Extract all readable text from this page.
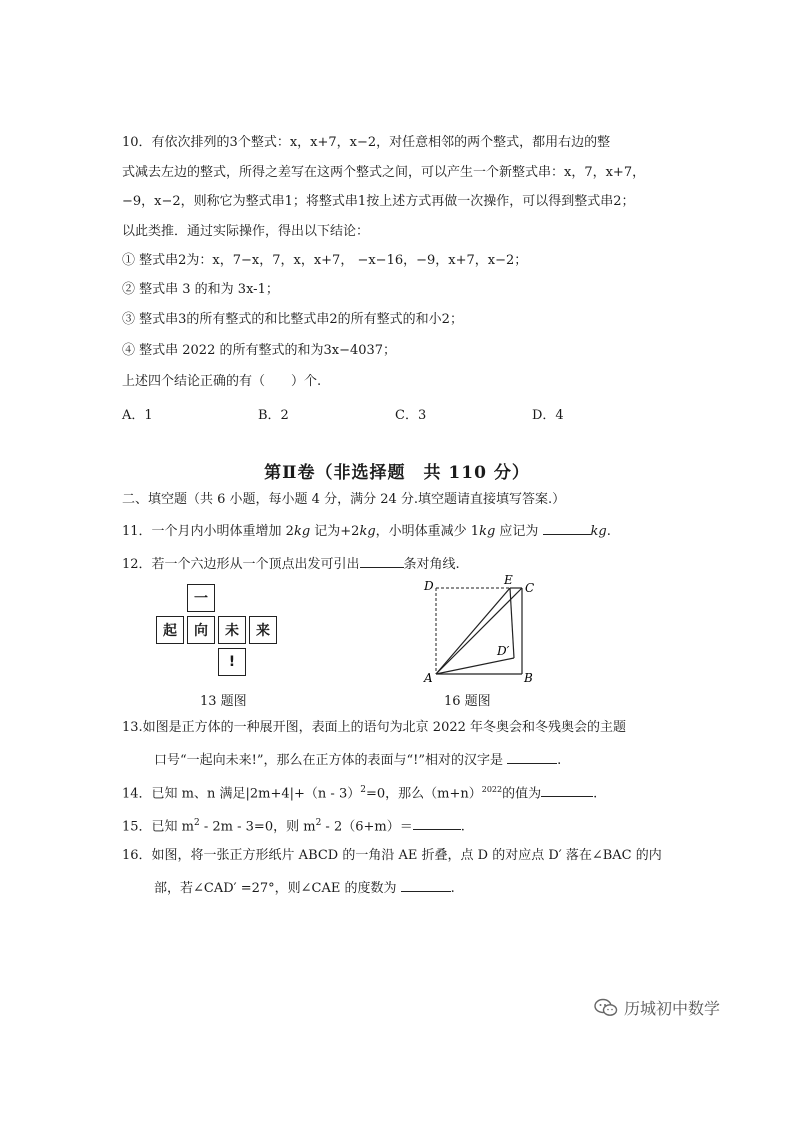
10．有依次排列的3个整式：x，x+7，x−2，对任意相邻的两个整式，都用右边的整
式减去左边的整式，所得之差写在这两个整式之间，可以产生一个新整式串：x，7，x+7，
−9，x−2，则称它为整式串1；将整式串1按上述方式再做一次操作，可以得到整式串2；
以此类推．通过实际操作，得出以下结论：
① 整式串2为：x，7−x，7，x，x+7， −x−16，−9，x+7，x−2；
② 整式串 3 的和为 3x-1；
③ 整式串3的所有整式的和比整式串2的所有整式的和小2；
④ 整式串 2022 的所有整式的和为3x−4037；
上述四个结论正确的有（　　）个.
A．1	B．2	C．3	D．4
第Ⅱ卷（非选择题　共 110 分）
二、填空题（共 6 小题，每小题 4 分，满分 24 分.填空题请直接填写答案.）
11．一个月内小明体重增加 2kg 记为+2kg，小明体重减少 1kg 应记为	kg.
12．若一个六边形从一个顶点出发可引出	条对角线.
一
起	向	未	来
!
13 题图
D	E
C
D′
A	B
16 题图
13.如图是正方体的一种展开图，表面上的语句为北京 2022 年冬奥会和冬残奥会的主题
口号“一起向未来!”，那么在正方体的表面与“!”相对的汉字是	.
14．已知 m、n 满足|2m+4|+（n - 3）$^2$=0，那么$(m+n)^{2022}$的值为	.
15．已知 $m^2 - 2m - 3=0$，则 $m^2 - 2(6+m)=$	.
16．如图，将一张正方形纸片 ABCD 的一角沿 AE 折叠，点 D 的对应点 D′ 落在∠BAC 的内
部，若∠CAD′ =27°，则∠CAE 的度数为	.
历城初中数学
